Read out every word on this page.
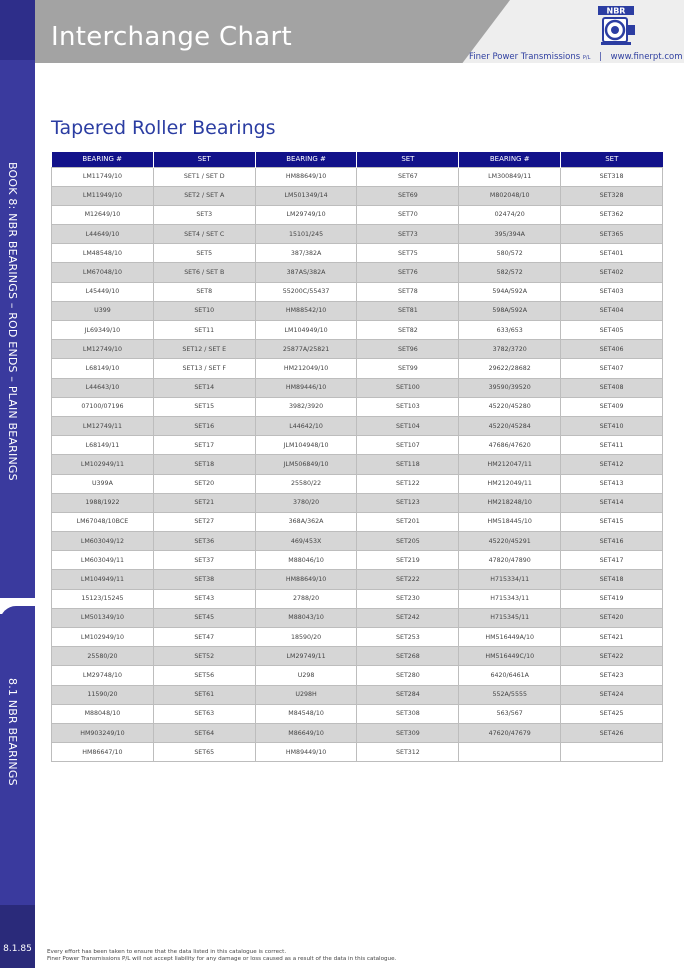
BOOK 8: NBR BEARINGS – ROD ENDS – PLAIN BEARINGS
8.1 NBR BEARINGS
8.1.85
Interchange Chart
NBR
Finer Power Transmissions P/L | www.finerpt.com
Tapered Roller Bearings
BEARING #	SET	BEARING #	SET	BEARING #	SET
LM11749/10	SET1 / SET D	HM88649/10	SET67	LM300849/11	SET318
LM11949/10	SET2 / SET A	LM501349/14	SET69	M802048/10	SET328
M12649/10	SET3	LM29749/10	SET70	02474/20	SET362
L44649/10	SET4 / SET C	15101/245	SET73	395/394A	SET365
LM48548/10	SET5	387/382A	SET75	580/572	SET401
LM67048/10	SET6 / SET B	387AS/382A	SET76	582/572	SET402
L45449/10	SET8	55200C/55437	SET78	594A/592A	SET403
U399	SET10	HM88542/10	SET81	598A/592A	SET404
JL69349/10	SET11	LM104949/10	SET82	633/653	SET405
LM12749/10	SET12 / SET E	25877A/25821	SET96	3782/3720	SET406
L68149/10	SET13 / SET F	HM212049/10	SET99	29622/28682	SET407
L44643/10	SET14	HM89446/10	SET100	39590/39520	SET408
07100/07196	SET15	3982/3920	SET103	45220/45280	SET409
LM12749/11	SET16	L44642/10	SET104	45220/45284	SET410
L68149/11	SET17	JLM104948/10	SET107	47686/47620	SET411
LM102949/11	SET18	JLM506849/10	SET118	HM212047/11	SET412
U399A	SET20	25580/22	SET122	HM212049/11	SET413
1988/1922	SET21	3780/20	SET123	HM218248/10	SET414
LM67048/10BCE	SET27	368A/362A	SET201	HM518445/10	SET415
LM603049/12	SET36	469/453X	SET205	45220/45291	SET416
LM603049/11	SET37	M88046/10	SET219	47820/47890	SET417
LM104949/11	SET38	HM88649/10	SET222	H715334/11	SET418
15123/15245	SET43	2788/20	SET230	H715343/11	SET419
LM501349/10	SET45	M88043/10	SET242	H715345/11	SET420
LM102949/10	SET47	18590/20	SET253	HM516449A/10	SET421
25580/20	SET52	LM29749/11	SET268	HM516449C/10	SET422
LM29748/10	SET56	U298	SET280	6420/6461A	SET423
11590/20	SET61	U298H	SET284	552A/5555	SET424
M88048/10	SET63	M84548/10	SET308	563/567	SET425
HM903249/10	SET64	M86649/10	SET309	47620/47679	SET426
HM86647/10	SET65	HM89449/10	SET312		
Every effort has been taken to ensure that the data listed in this catalogue is correct.
Finer Power Transmissions P/L will not accept liability for any damage or loss caused as a result of the data in this catalogue.
